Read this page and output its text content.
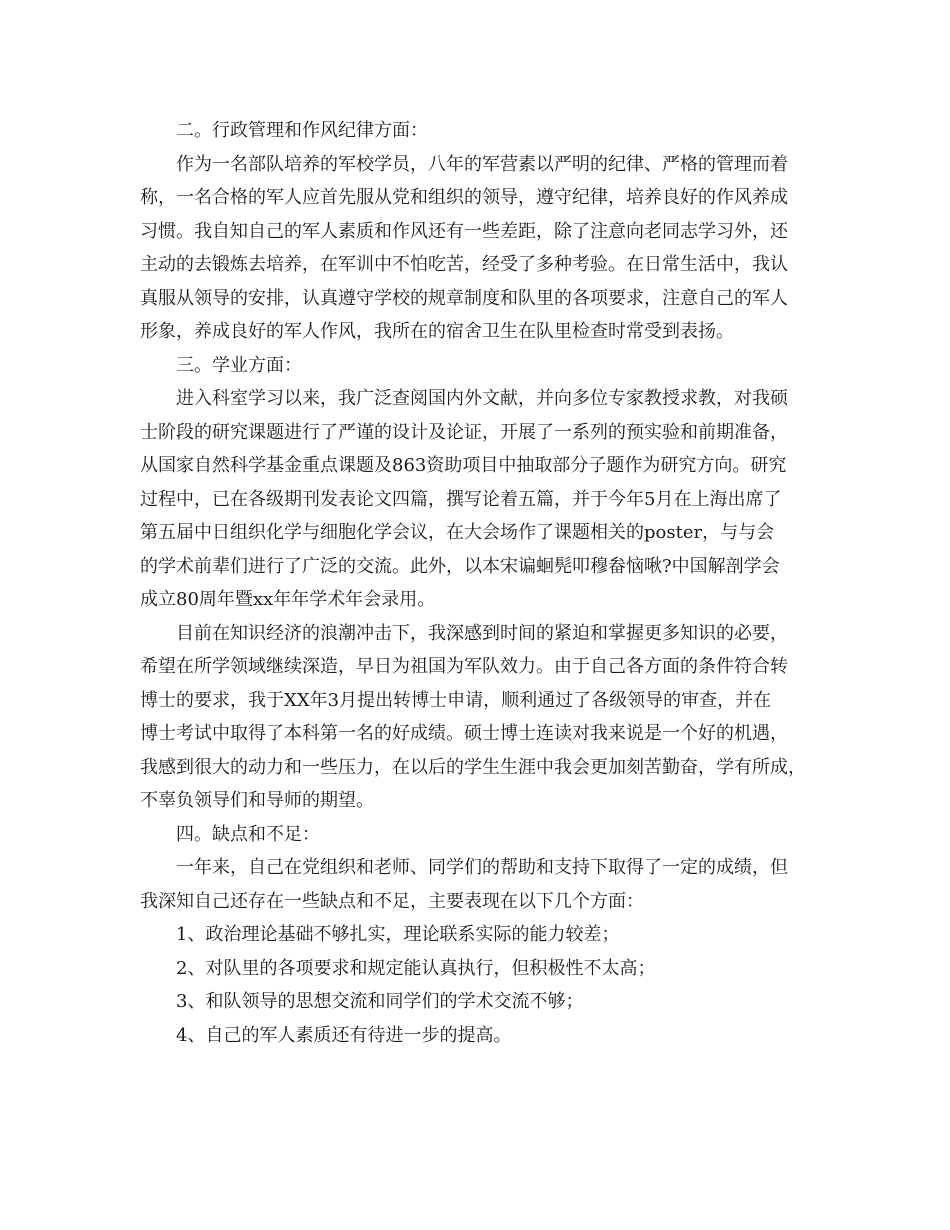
二。行政管理和作风纪律方面：
作为一名部队培养的军校学员，八年的军营素以严明的纪律、严格的管理而着
称，一名合格的军人应首先服从党和组织的领导，遵守纪律，培养良好的作风养成
习惯。我自知自己的军人素质和作风还有一些差距，除了注意向老同志学习外，还
主动的去锻炼去培养，在军训中不怕吃苦，经受了多种考验。在日常生活中，我认
真服从领导的安排，认真遵守学校的规章制度和队里的各项要求，注意自己的军人
形象，养成良好的军人作风，我所在的宿舍卫生在队里检查时常受到表扬。
三。学业方面：
进入科室学习以来，我广泛查阅国内外文献，并向多位专家教授求教，对我硕
士阶段的研究课题进行了严谨的设计及论证，开展了一系列的预实验和前期准备，
从国家自然科学基金重点课题及863资助项目中抽取部分子题作为研究方向。研究
过程中，已在各级期刊发表论文四篇，撰写论着五篇，并于今年5月在上海出席了
第五届中日组织化学与细胞化学会议，在大会场作了课题相关的poster，与与会
的学术前辈们进行了广泛的交流。此外，以本宋谝蛔髡叩穆畚恼啾?中国解剖学会
成立80周年暨xx年年学术年会录用。
目前在知识经济的浪潮冲击下，我深感到时间的紧迫和掌握更多知识的必要，
希望在所学领域继续深造，早日为祖国为军队效力。由于自己各方面的条件符合转
博士的要求，我于XX年3月提出转博士申请，顺利通过了各级领导的审查，并在
博士考试中取得了本科第一名的好成绩。硕士博士连读对我来说是一个好的机遇，
我感到很大的动力和一些压力，在以后的学生生涯中我会更加刻苦勤奋，学有所成，
不辜负领导们和导师的期望。
四。缺点和不足：
一年来，自己在党组织和老师、同学们的帮助和支持下取得了一定的成绩，但
我深知自己还存在一些缺点和不足，主要表现在以下几个方面：
1、政治理论基础不够扎实，理论联系实际的能力较差；
2、对队里的各项要求和规定能认真执行，但积极性不太高；
3、和队领导的思想交流和同学们的学术交流不够；
4、自己的军人素质还有待进一步的提高。
